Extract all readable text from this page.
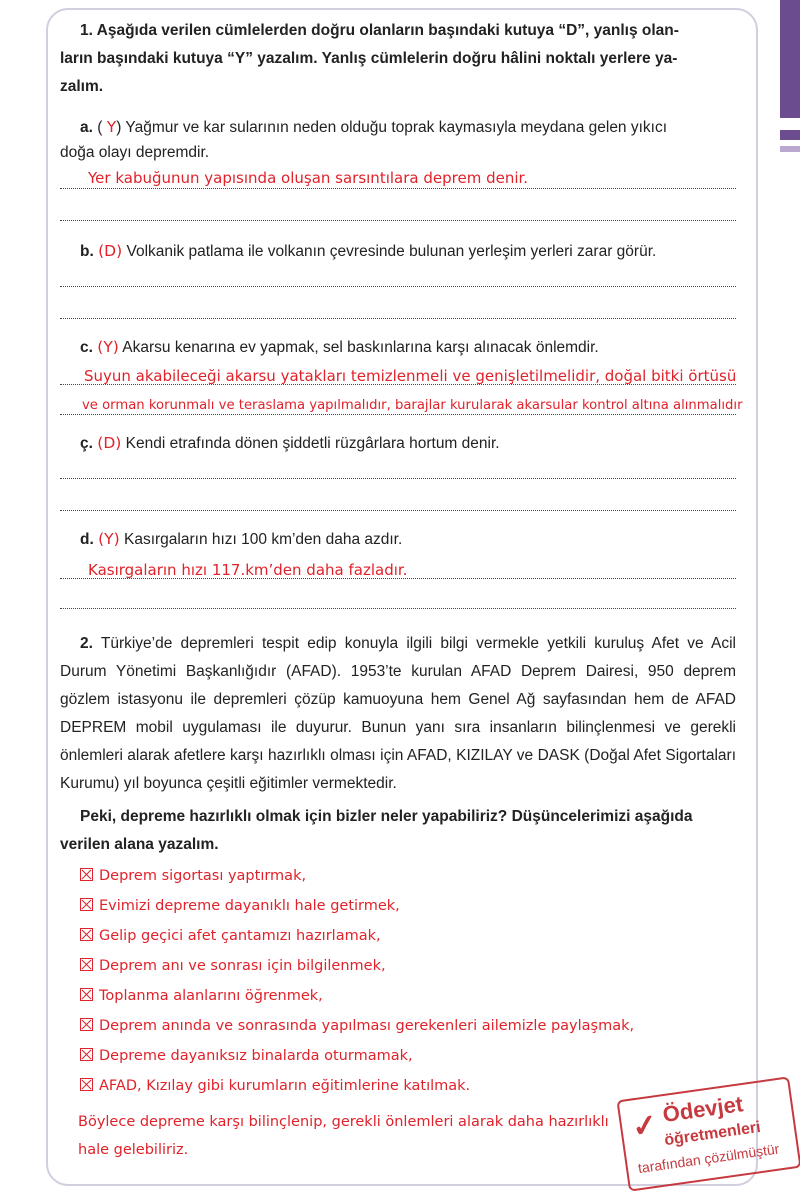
1. Aşağıda verilen cümlelerden doğru olanların başındaki kutuya “D”, yanlış olan-
ların başındaki kutuya “Y” yazalım. Yanlış cümlelerin doğru hâlini noktalı yerlere ya-
zalım.
a. ( Y) Yağmur ve kar sularının neden olduğu toprak kaymasıyla meydana gelen yıkıcı
doğa olayı depremdir.
Yer kabuğunun yapısında oluşan sarsıntılara deprem denir.
b. (D) Volkanik patlama ile volkanın çevresinde bulunan yerleşim yerleri zarar görür.
c. (Y) Akarsu kenarına ev yapmak, sel baskınlarına karşı alınacak önlemdir.
Suyun akabileceği akarsu yatakları temizlenmeli ve genişletilmelidir, doğal bitki örtüsü
ve orman korunmalı ve teraslama yapılmalıdır, barajlar kurularak akarsular kontrol altına alınmalıdır
ç. (D) Kendi etrafında dönen şiddetli rüzgârlara hortum denir.
d. (Y) Kasırgaların hızı 100 km’den daha azdır.
Kasırgaların hızı 117.km’den daha fazladır.
2. Türkiye’de depremleri tespit edip konuyla ilgili bilgi vermekle yetkili kuruluş Afet ve Acil Durum Yönetimi Başkanlığıdır (AFAD). 1953’te kurulan AFAD Deprem Dairesi, 950 deprem gözlem istasyonu ile depremleri çözüp kamuoyuna hem Genel Ağ sayfasından hem de AFAD DEPREM mobil uygulaması ile duyurur. Bunun yanı sıra insanların bilinçlenmesi ve gerekli önlemleri alarak afetlere karşı hazırlıklı olması için AFAD, KIZILAY ve DASK (Doğal Afet Sigortaları Kurumu) yıl boyunca çeşitli eğitimler vermektedir.
Peki, depreme hazırlıklı olmak için bizler neler yapabiliriz? Düşüncelerimizi aşağıda
verilen alana yazalım.
Deprem sigortası yaptırmak,
Evimizi depreme dayanıklı hale getirmek,
Gelip geçici afet çantamızı hazırlamak,
Deprem anı ve sonrası için bilgilenmek,
Toplanma alanlarını öğrenmek,
Deprem anında ve sonrasında yapılması gerekenleri ailemizle paylaşmak,
Depreme dayanıksız binalarda oturmamak,
AFAD, Kızılay gibi kurumların eğitimlerine katılmak.
Böylece depreme karşı bilinçlenip, gerekli önlemleri alarak daha hazırlıklı
hale gelebiliriz.
✓ Ödevjet
öğretmenleri
tarafından çözülmüştür
